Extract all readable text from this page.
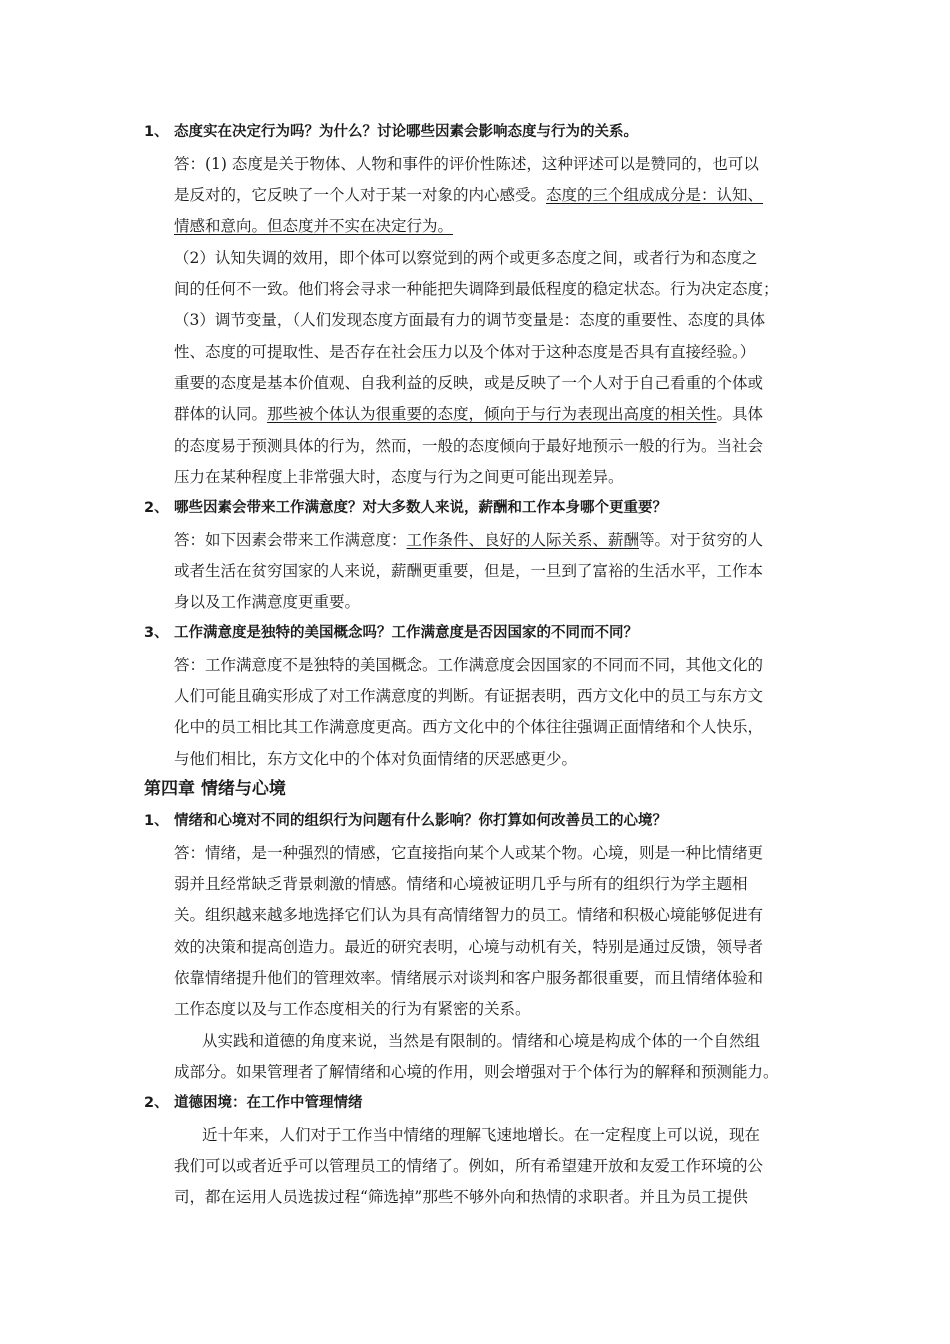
1、 态度实在决定行为吗？为什么？讨论哪些因素会影响态度与行为的关系。
答：(1) 态度是关于物体、人物和事件的评价性陈述，这种评述可以是赞同的，也可以
是反对的，它反映了一个人对于某一对象的内心感受。态度的三个组成成分是：认知、
情感和意向。但态度并不实在决定行为。
（2）认知失调的效用，即个体可以察觉到的两个或更多态度之间，或者行为和态度之
间的任何不一致。他们将会寻求一种能把失调降到最低程度的稳定状态。行为决定态度；
（3）调节变量，（人们发现态度方面最有力的调节变量是：态度的重要性、态度的具体
性、态度的可提取性、是否存在社会压力以及个体对于这种态度是否具有直接经验。）
重要的态度是基本价值观、自我利益的反映，或是反映了一个人对于自己看重的个体或
群体的认同。那些被个体认为很重要的态度，倾向于与行为表现出高度的相关性。具体
的态度易于预测具体的行为，然而，一般的态度倾向于最好地预示一般的行为。当社会
压力在某种程度上非常强大时，态度与行为之间更可能出现差异。
2、 哪些因素会带来工作满意度？对大多数人来说，薪酬和工作本身哪个更重要？
答：如下因素会带来工作满意度：工作条件、良好的人际关系、薪酬等。对于贫穷的人
或者生活在贫穷国家的人来说，薪酬更重要，但是，一旦到了富裕的生活水平，工作本
身以及工作满意度更重要。
3、 工作满意度是独特的美国概念吗？工作满意度是否因国家的不同而不同？
答：工作满意度不是独特的美国概念。工作满意度会因国家的不同而不同，其他文化的
人们可能且确实形成了对工作满意度的判断。有证据表明，西方文化中的员工与东方文
化中的员工相比其工作满意度更高。西方文化中的个体往往强调正面情绪和个人快乐，
与他们相比，东方文化中的个体对负面情绪的厌恶感更少。
第四章 情绪与心境
1、 情绪和心境对不同的组织行为问题有什么影响？你打算如何改善员工的心境？
答：情绪，是一种强烈的情感，它直接指向某个人或某个物。心境，则是一种比情绪更
弱并且经常缺乏背景刺激的情感。情绪和心境被证明几乎与所有的组织行为学主题相
关。组织越来越多地选择它们认为具有高情绪智力的员工。情绪和积极心境能够促进有
效的决策和提高创造力。最近的研究表明，心境与动机有关，特别是通过反馈，领导者
依靠情绪提升他们的管理效率。情绪展示对谈判和客户服务都很重要，而且情绪体验和
工作态度以及与工作态度相关的行为有紧密的关系。
从实践和道德的角度来说，当然是有限制的。情绪和心境是构成个体的一个自然组
成部分。如果管理者了解情绪和心境的作用，则会增强对于个体行为的解释和预测能力。
2、 道德困境：在工作中管理情绪
近十年来，人们对于工作当中情绪的理解飞速地增长。在一定程度上可以说，现在
我们可以或者近乎可以管理员工的情绪了。例如，所有希望建开放和友爱工作环境的公
司，都在运用人员选拔过程“筛选掉”那些不够外向和热情的求职者。并且为员工提供
